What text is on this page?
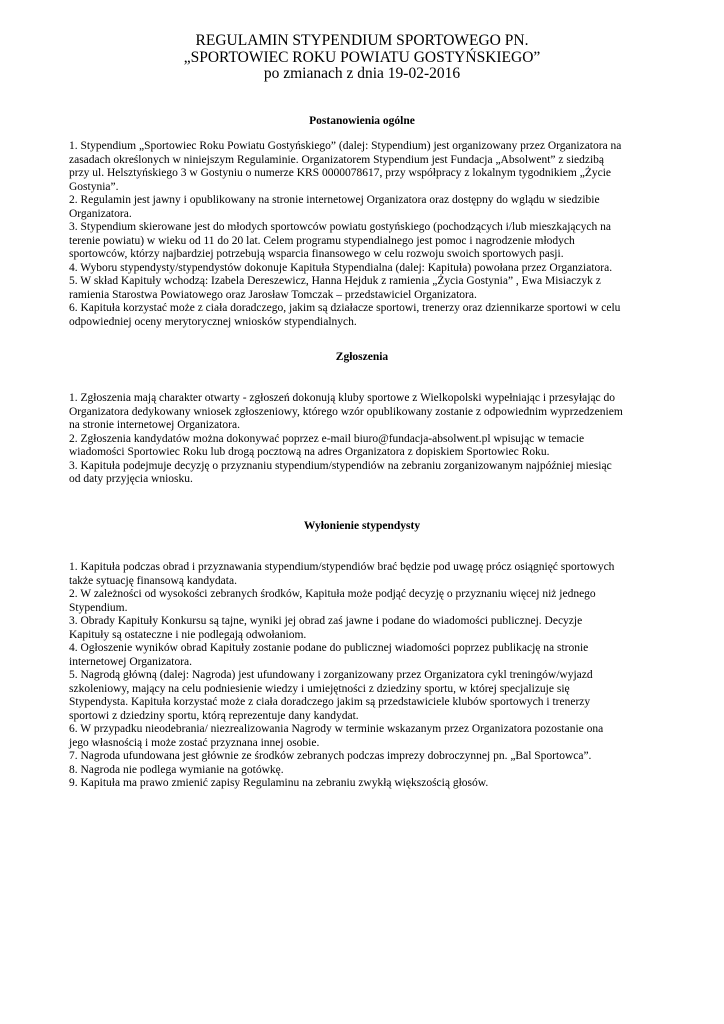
REGULAMIN STYPENDIUM SPORTOWEGO PN.
„SPORTOWIEC ROKU POWIATU GOSTYŃSKIEGO”
po zmianach z dnia 19-02-2016
Postanowienia ogólne
1. Stypendium „Sportowiec Roku Powiatu Gostyńskiego” (dalej: Stypendium) jest organizowany przez Organizatora na
zasadach określonych w niniejszym Regulaminie. Organizatorem Stypendium jest Fundacja „Absolwent” z siedzibą
przy ul. Helsztyńskiego 3 w Gostyniu o numerze KRS 0000078617, przy współpracy z lokalnym tygodnikiem „Życie
Gostynia”.
2. Regulamin jest jawny i opublikowany na stronie internetowej Organizatora oraz dostępny do wglądu w siedzibie
Organizatora.
3. Stypendium skierowane jest do młodych sportowców powiatu gostyńskiego (pochodzących i/lub mieszkających na
terenie powiatu) w wieku od 11 do 20 lat. Celem programu stypendialnego jest pomoc i nagrodzenie młodych
sportowców, którzy najbardziej potrzebują wsparcia finansowego w celu rozwoju swoich sportowych pasji.
4. Wyboru stypendysty/stypendystów dokonuje Kapituła Stypendialna (dalej: Kapituła) powołana przez Organziatora.
5. W skład Kapituły wchodzą: Izabela Dereszewicz, Hanna Hejduk z ramienia „Życia Gostynia” , Ewa Misiaczyk z
ramienia Starostwa Powiatowego oraz Jarosław Tomczak – przedstawiciel Organizatora.
6. Kapituła korzystać może z ciała doradczego, jakim są działacze sportowi, trenerzy oraz dziennikarze sportowi w celu
odpowiedniej oceny merytorycznej wniosków stypendialnych.
Zgłoszenia
1. Zgłoszenia mają charakter otwarty - zgłoszeń dokonują kluby sportowe z Wielkopolski wypełniając i przesyłając do
Organizatora dedykowany wniosek zgłoszeniowy, którego wzór opublikowany zostanie z odpowiednim wyprzedzeniem
na stronie internetowej Organizatora.
2. Zgłoszenia kandydatów można dokonywać poprzez e-mail biuro@fundacja-absolwent.pl wpisując w temacie
wiadomości Sportowiec Roku lub drogą pocztową na adres Organizatora z dopiskiem Sportowiec Roku.
3. Kapituła podejmuje decyzję o przyznaniu stypendium/stypendiów na zebraniu zorganizowanym najpóźniej miesiąc
od daty przyjęcia wniosku.
Wyłonienie stypendysty
1. Kapituła podczas obrad i przyznawania stypendium/stypendiów brać będzie pod uwagę prócz osiągnięć sportowych
także sytuację finansową kandydata.
2. W zależności od wysokości zebranych środków, Kapituła może podjąć decyzję o przyznaniu więcej niż jednego
Stypendium.
3. Obrady Kapituły Konkursu są tajne, wyniki jej obrad zaś jawne i podane do wiadomości publicznej. Decyzje
Kapituły są ostateczne i nie podlegają odwołaniom.
4. Ogłoszenie wyników obrad Kapituły zostanie podane do publicznej wiadomości poprzez publikację na stronie
internetowej Organizatora.
5. Nagrodą główną (dalej: Nagroda) jest ufundowany i zorganizowany przez Organizatora cykl treningów/wyjazd
szkoleniowy, mający na celu podniesienie wiedzy i umiejętności z dziedziny sportu, w której specjalizuje się
Stypendysta. Kapituła korzystać może z ciała doradczego jakim są przedstawiciele klubów sportowych i trenerzy
sportowi z dziedziny sportu, którą reprezentuje dany kandydat.
6. W przypadku nieodebrania/ niezrealizowania Nagrody w terminie wskazanym przez Organizatora pozostanie ona
jego własnością i może zostać przyznana innej osobie.
7. Nagroda ufundowana jest głównie ze środków zebranych podczas imprezy dobroczynnej pn. „Bal Sportowca”.
8. Nagroda nie podlega wymianie na gotówkę.
9. Kapituła ma prawo zmienić zapisy Regulaminu na zebraniu zwykłą większością głosów.
